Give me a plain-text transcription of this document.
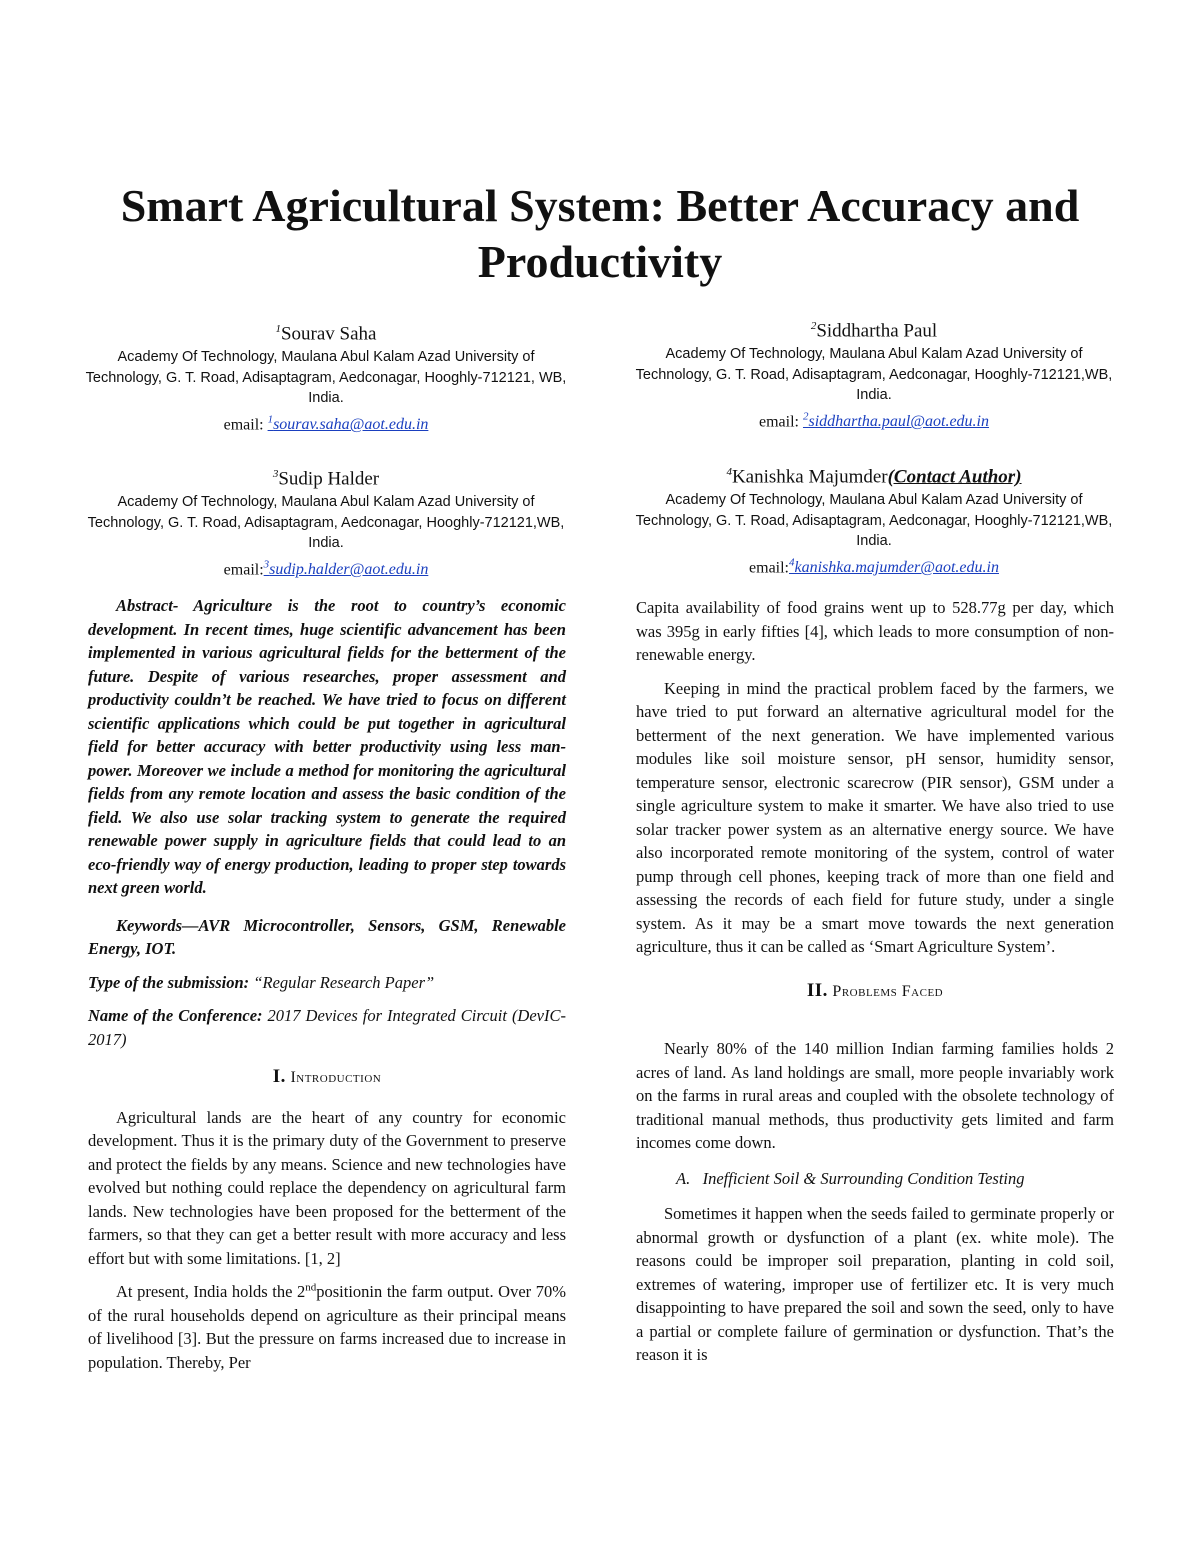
Smart Agricultural System: Better Accuracy and Productivity
$^1$Sourav Saha
Academy Of Technology, Maulana Abul Kalam Azad University of Technology, G. T. Road, Adisaptagram, Aedconagar, Hooghly-712121, WB, India.
email: $^1$sourav.saha@aot.edu.in
$^2$Siddhartha Paul
Academy Of Technology, Maulana Abul Kalam Azad University of Technology, G. T. Road, Adisaptagram, Aedconagar, Hooghly-712121,WB, India.
email: $^2$siddhartha.paul@aot.edu.in
$^3$Sudip Halder
Academy Of Technology, Maulana Abul Kalam Azad University of Technology, G. T. Road, Adisaptagram, Aedconagar, Hooghly-712121,WB, India.
email:$^3$sudip.halder@aot.edu.in
$^4$Kanishka Majumder(Contact Author)
Academy Of Technology, Maulana Abul Kalam Azad University of Technology, G. T. Road, Adisaptagram, Aedconagar, Hooghly-712121,WB, India.
email:$^4$kanishka.majumder@aot.edu.in

Abstract- Agriculture is the root to country’s economic development. In recent times, huge scientific advancement has been implemented in various agricultural fields for the betterment of the future. Despite of various researches, proper assessment and productivity couldn’t be reached. We have tried to focus on different scientific applications which could be put together in agricultural field for better accuracy with better productivity using less man-power. Moreover we include a method for monitoring the agricultural fields from any remote location and assess the basic condition of the field. We also use solar tracking system to generate the required renewable power supply in agriculture fields that could lead to an eco-friendly way of energy production, leading to proper step towards next green world.

Keywords—AVR Microcontroller, Sensors, GSM, Renewable Energy, IOT.

Type of the submission: “Regular Research Paper”

Name of the Conference: 2017 Devices for Integrated Circuit (DevIC-2017)

I. Introduction

Agricultural lands are the heart of any country for economic development. Thus it is the primary duty of the Government to preserve and protect the fields by any means. Science and new technologies have evolved but nothing could replace the dependency on agricultural farm lands. New technologies have been proposed for the betterment of the farmers, so that they can get a better result with more accuracy and less effort but with some limitations. [1, 2]

At present, India holds the 2ndpositionin the farm output. Over 70% of the rural households depend on agriculture as their principal means of livelihood [3]. But the pressure on farms increased due to increase in population. Thereby, Per

Capita availability of food grains went up to 528.77g per day, which was 395g in early fifties [4], which leads to more consumption of non- renewable energy.

Keeping in mind the practical problem faced by the farmers, we have tried to put forward an alternative agricultural model for the betterment of the next generation. We have implemented various modules like soil moisture sensor, pH sensor, humidity sensor, temperature sensor, electronic scarecrow (PIR sensor), GSM under a single agriculture system to make it smarter. We have also tried to use solar tracker power system as an alternative energy source. We have also incorporated remote monitoring of the system, control of water pump through cell phones, keeping track of more than one field and assessing the records of each field for future study, under a single system. As it may be a smart move towards the next generation agriculture, thus it can be called as ‘Smart Agriculture System’.

II. Problems Faced

Nearly 80% of the 140 million Indian farming families holds 2 acres of land. As land holdings are small, more people invariably work on the farms in rural areas and coupled with the obsolete technology of traditional manual methods, thus productivity gets limited and farm incomes come down.

A. Inefficient Soil & Surrounding Condition Testing

Sometimes it happen when the seeds failed to germinate properly or abnormal growth or dysfunction of a plant (ex. white mole). The reasons could be improper soil preparation, planting in cold soil, extremes of watering, improper use of fertilizer etc. It is very much disappointing to have prepared the soil and sown the seed, only to have a partial or complete failure of germination or dysfunction. That’s the reason it is
